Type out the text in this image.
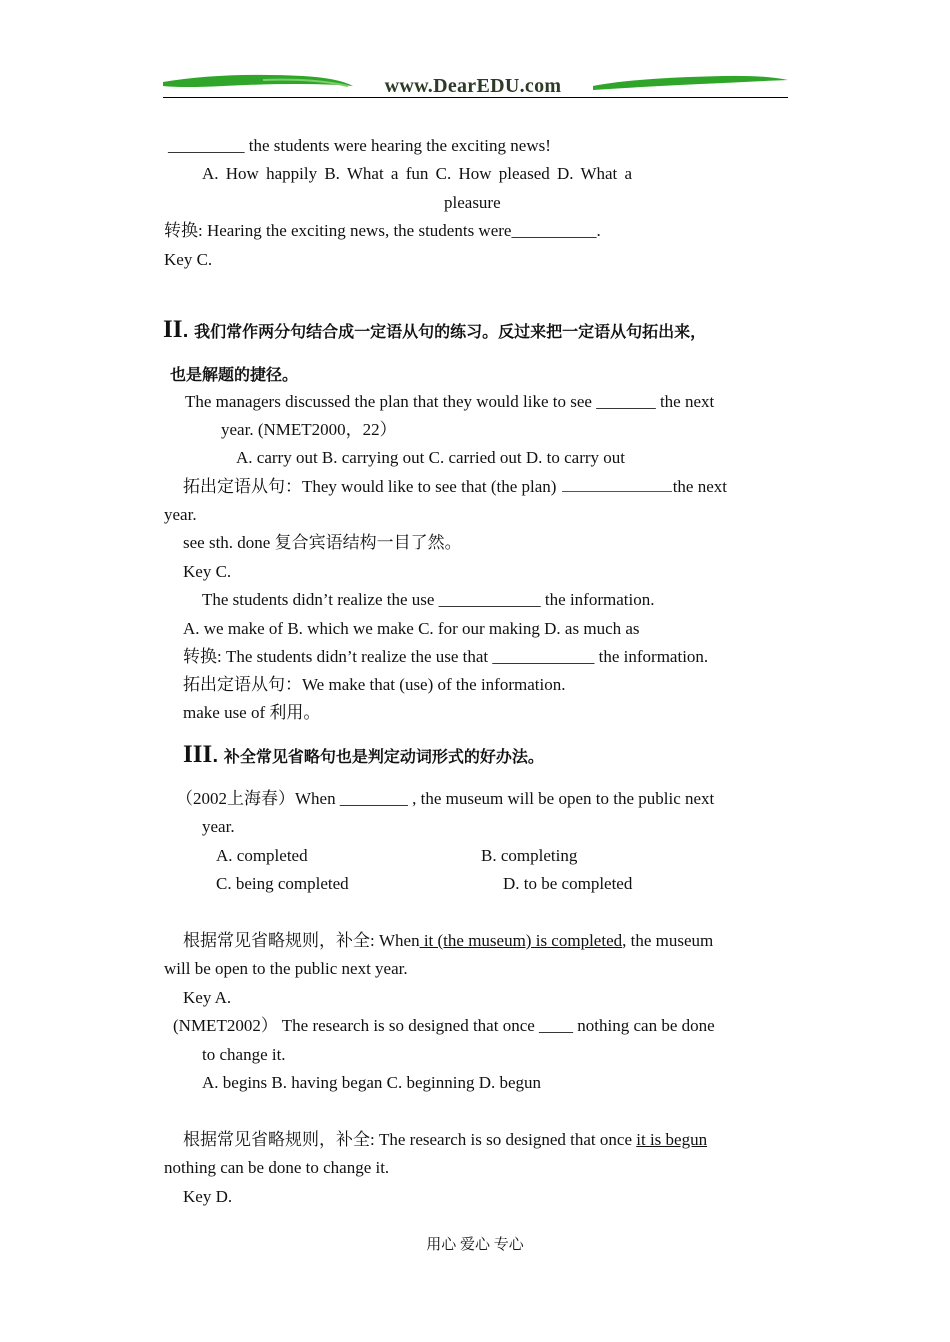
www.DearEDU.com
_________ the students were hearing the exciting news!
A. How happily B. What a fun C. How pleased D. What a
pleasure
转换: Hearing the exciting news, the students were__________.
Key C.
II. 我们常作两分句结合成一定语从句的练习。反过来把一定语从句拓出来，
也是解题的捷径。
The managers discussed the plan that they would like to see _______ the next
year. (NMET2000，22）
A. carry out B. carrying out C. carried out D. to carry out
拓出定语从句：They would like to see that (the plan)	the next
year.
see sth. done 复合宾语结构一目了然。
Key C.
The students didn’t realize the use ____________ the information.
A. we make of B. which we make C. for our making D. as much as
转换: The students didn’t realize the use that ____________ the information.
拓出定语从句：We make that (use) of the information.
make use of 利用。
III. 补全常见省略句也是判定动词形式的好办法。
（2002上海春）When ________ , the museum will be open to the public next
year.
A. completed	B. completing
C. being completed	D. to be completed
根据常见省略规则，补全: When it (the museum) is completed, the museum
will be open to the public next year.
Key A.
(NMET2002） The research is so designed that once ____ nothing can be done
to change it.
A. begins B. having began C. beginning D. begun
根据常见省略规则，补全: The research is so designed that once it is begun
nothing can be done to change it.
Key D.
用心 爱心 专心
